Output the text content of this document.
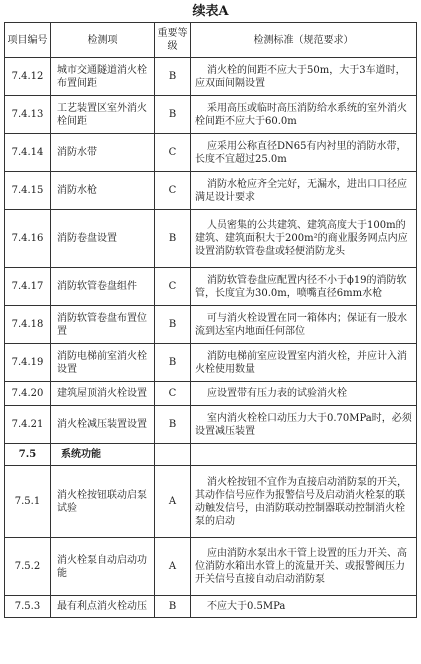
续表A
项目编号	检测项	重要等级	检测标准（规范要求）
7.4.12	城市交通隧道消火栓布置间距	B	消火栓的间距不应大于50m，大于3车道时，应双面间隔设置
7.4.13	工艺装置区室外消火栓间距	B	采用高压或临时高压消防给水系统的室外消火栓间距不应大于60.0m
7.4.14	消防水带	C	应采用公称直径DN65有内衬里的消防水带，长度不宜超过25.0m
7.4.15	消防水枪	C	消防水枪应齐全完好，无漏水，进出口口径应满足设计要求
7.4.16	消防卷盘设置	B	人员密集的公共建筑、建筑高度大于100m的建筑、建筑面积大于200m²的商业服务网点内应设置消防软管卷盘或轻便消防龙头
7.4.17	消防软管卷盘组件	C	消防软管卷盘应配置内径不小于ϕ19的消防软管，长度宜为30.0m，喷嘴直径6mm水枪
7.4.18	消防软管卷盘布置位置	B	可与消火栓设置在同一箱体内；保证有一股水流到达室内地面任何部位
7.4.19	消防电梯前室消火栓设置	B	消防电梯前室应设置室内消火栓，并应计入消火栓使用数量
7.4.20	建筑屋顶消火栓设置	C	应设置带有压力表的试验消火栓
7.4.21	消火栓减压装置设置	B	室内消火栓栓口动压力大于0.70MPa时，必须设置减压装置
7.5	系统功能		
7.5.1	消火栓按钮联动启泵试验	A	消火栓按钮不宜作为直接启动消防泵的开关，其动作信号应作为报警信号及启动消火栓泵的联动触发信号，由消防联动控制器联动控制消火栓泵的启动
7.5.2	消火栓泵自动启动功能	A	应由消防水泵出水干管上设置的压力开关、高位消防水箱出水管上的流量开关、或报警阀压力开关信号直接自动启动消防泵
7.5.3	最有利点消火栓动压	B	不应大于0.5MPa
